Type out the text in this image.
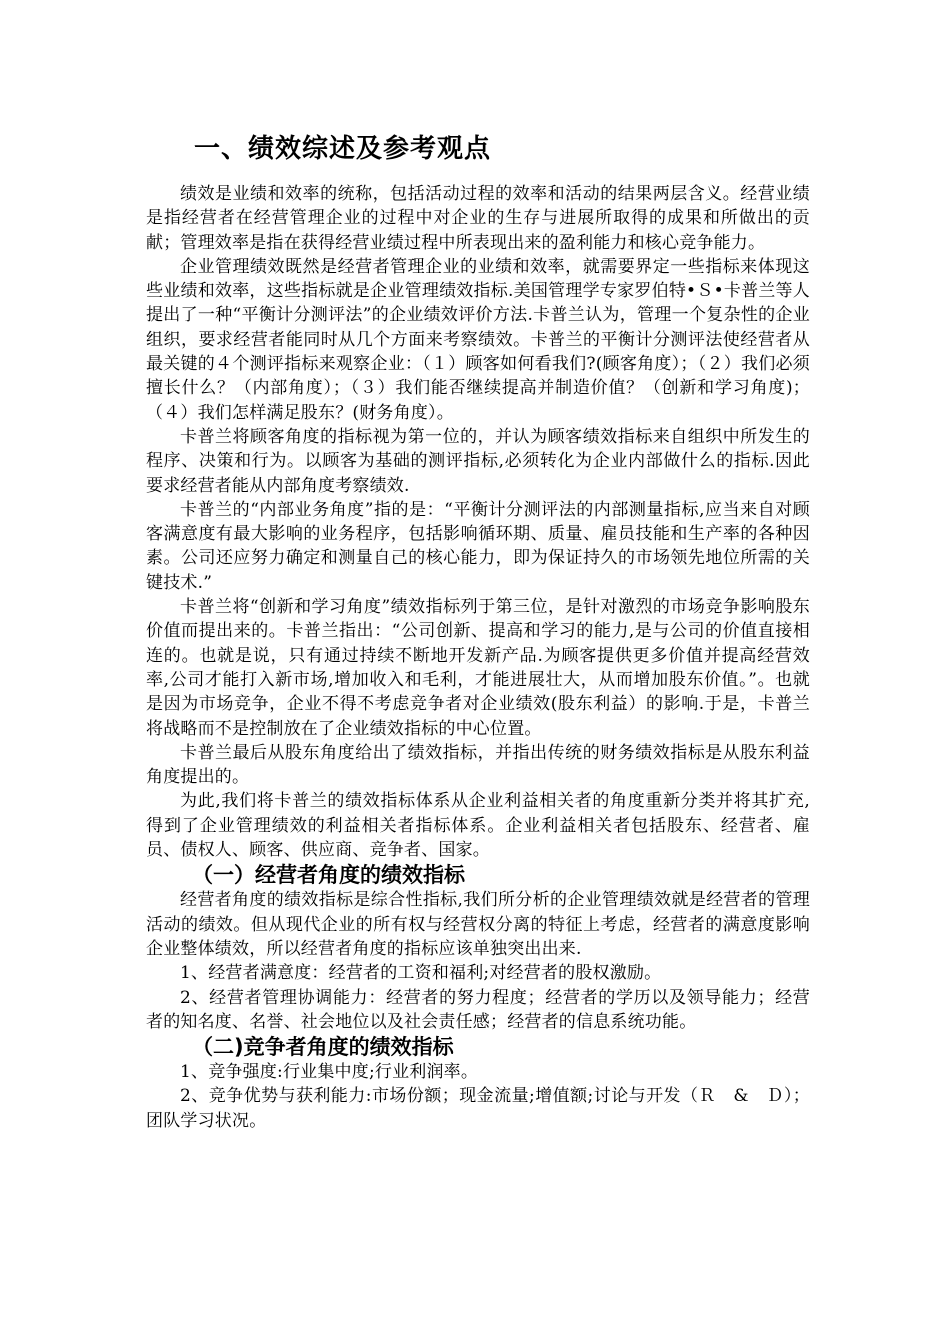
一、绩效综述及参考观点

绩效是业绩和效率的统称，包括活动过程的效率和活动的结果两层含义。经营业绩是指经营者在经营管理企业的过程中对企业的生存与进展所取得的成果和所做出的贡献；管理效率是指在获得经营业绩过程中所表现出来的盈利能力和核心竞争能力。

企业管理绩效既然是经营者管理企业的业绩和效率，就需要界定一些指标来体现这些业绩和效率，这些指标就是企业管理绩效指标.美国管理学专家罗伯特•Ｓ•卡普兰等人提出了一种“平衡计分测评法”的企业绩效评价方法.卡普兰认为，管理一个复杂性的企业组织，要求经营者能同时从几个方面来考察绩效。卡普兰的平衡计分测评法使经营者从最关键的４个测评指标来观察企业：（１）顾客如何看我们?(顾客角度）；（２）我们必须擅长什么？（内部角度）；（３）我们能否继续提高并制造价值？（创新和学习角度)；（４）我们怎样满足股东？(财务角度）。

卡普兰将顾客角度的指标视为第一位的，并认为顾客绩效指标来自组织中所发生的程序、决策和行为。以顾客为基础的测评指标,必须转化为企业内部做什么的指标.因此要求经营者能从内部角度考察绩效.

卡普兰的“内部业务角度”指的是：“平衡计分测评法的内部测量指标,应当来自对顾客满意度有最大影响的业务程序，包括影响循环期、质量、雇员技能和生产率的各种因素。公司还应努力确定和测量自己的核心能力，即为保证持久的市场领先地位所需的关键技术.”

卡普兰将“创新和学习角度”绩效指标列于第三位，是针对激烈的市场竞争影响股东价值而提出来的。卡普兰指出：“公司创新、提高和学习的能力,是与公司的价值直接相连的。也就是说，只有通过持续不断地开发新产品.为顾客提供更多价值并提高经营效率,公司才能打入新市场,增加收入和毛利，才能进展壮大，从而增加股东价值。”。也就是因为市场竞争，企业不得不考虑竞争者对企业绩效(股东利益）的影响.于是，卡普兰将战略而不是控制放在了企业绩效指标的中心位置。

卡普兰最后从股东角度给出了绩效指标，并指出传统的财务绩效指标是从股东利益角度提出的。

为此,我们将卡普兰的绩效指标体系从企业利益相关者的角度重新分类并将其扩充,得到了企业管理绩效的利益相关者指标体系。企业利益相关者包括股东、经营者、雇员、债权人、顾客、供应商、竞争者、国家。

（一）经营者角度的绩效指标

经营者角度的绩效指标是综合性指标,我们所分析的企业管理绩效就是经营者的管理活动的绩效。但从现代企业的所有权与经营权分离的特征上考虑，经营者的满意度影响企业整体绩效，所以经营者角度的指标应该单独突出出来.

1、经营者满意度：经营者的工资和福利;对经营者的股权激励。

2、经营者管理协调能力：经营者的努力程度；经营者的学历以及领导能力；经营者的知名度、名誉、社会地位以及社会责任感；经营者的信息系统功能。

（二)竞争者角度的绩效指标

1、竞争强度:行业集中度;行业利润率。

2、竞争优势与获利能力:市场份额；现金流量;增值额;讨论与开发（Ｒ　&　Ｄ）；团队学习状况。
